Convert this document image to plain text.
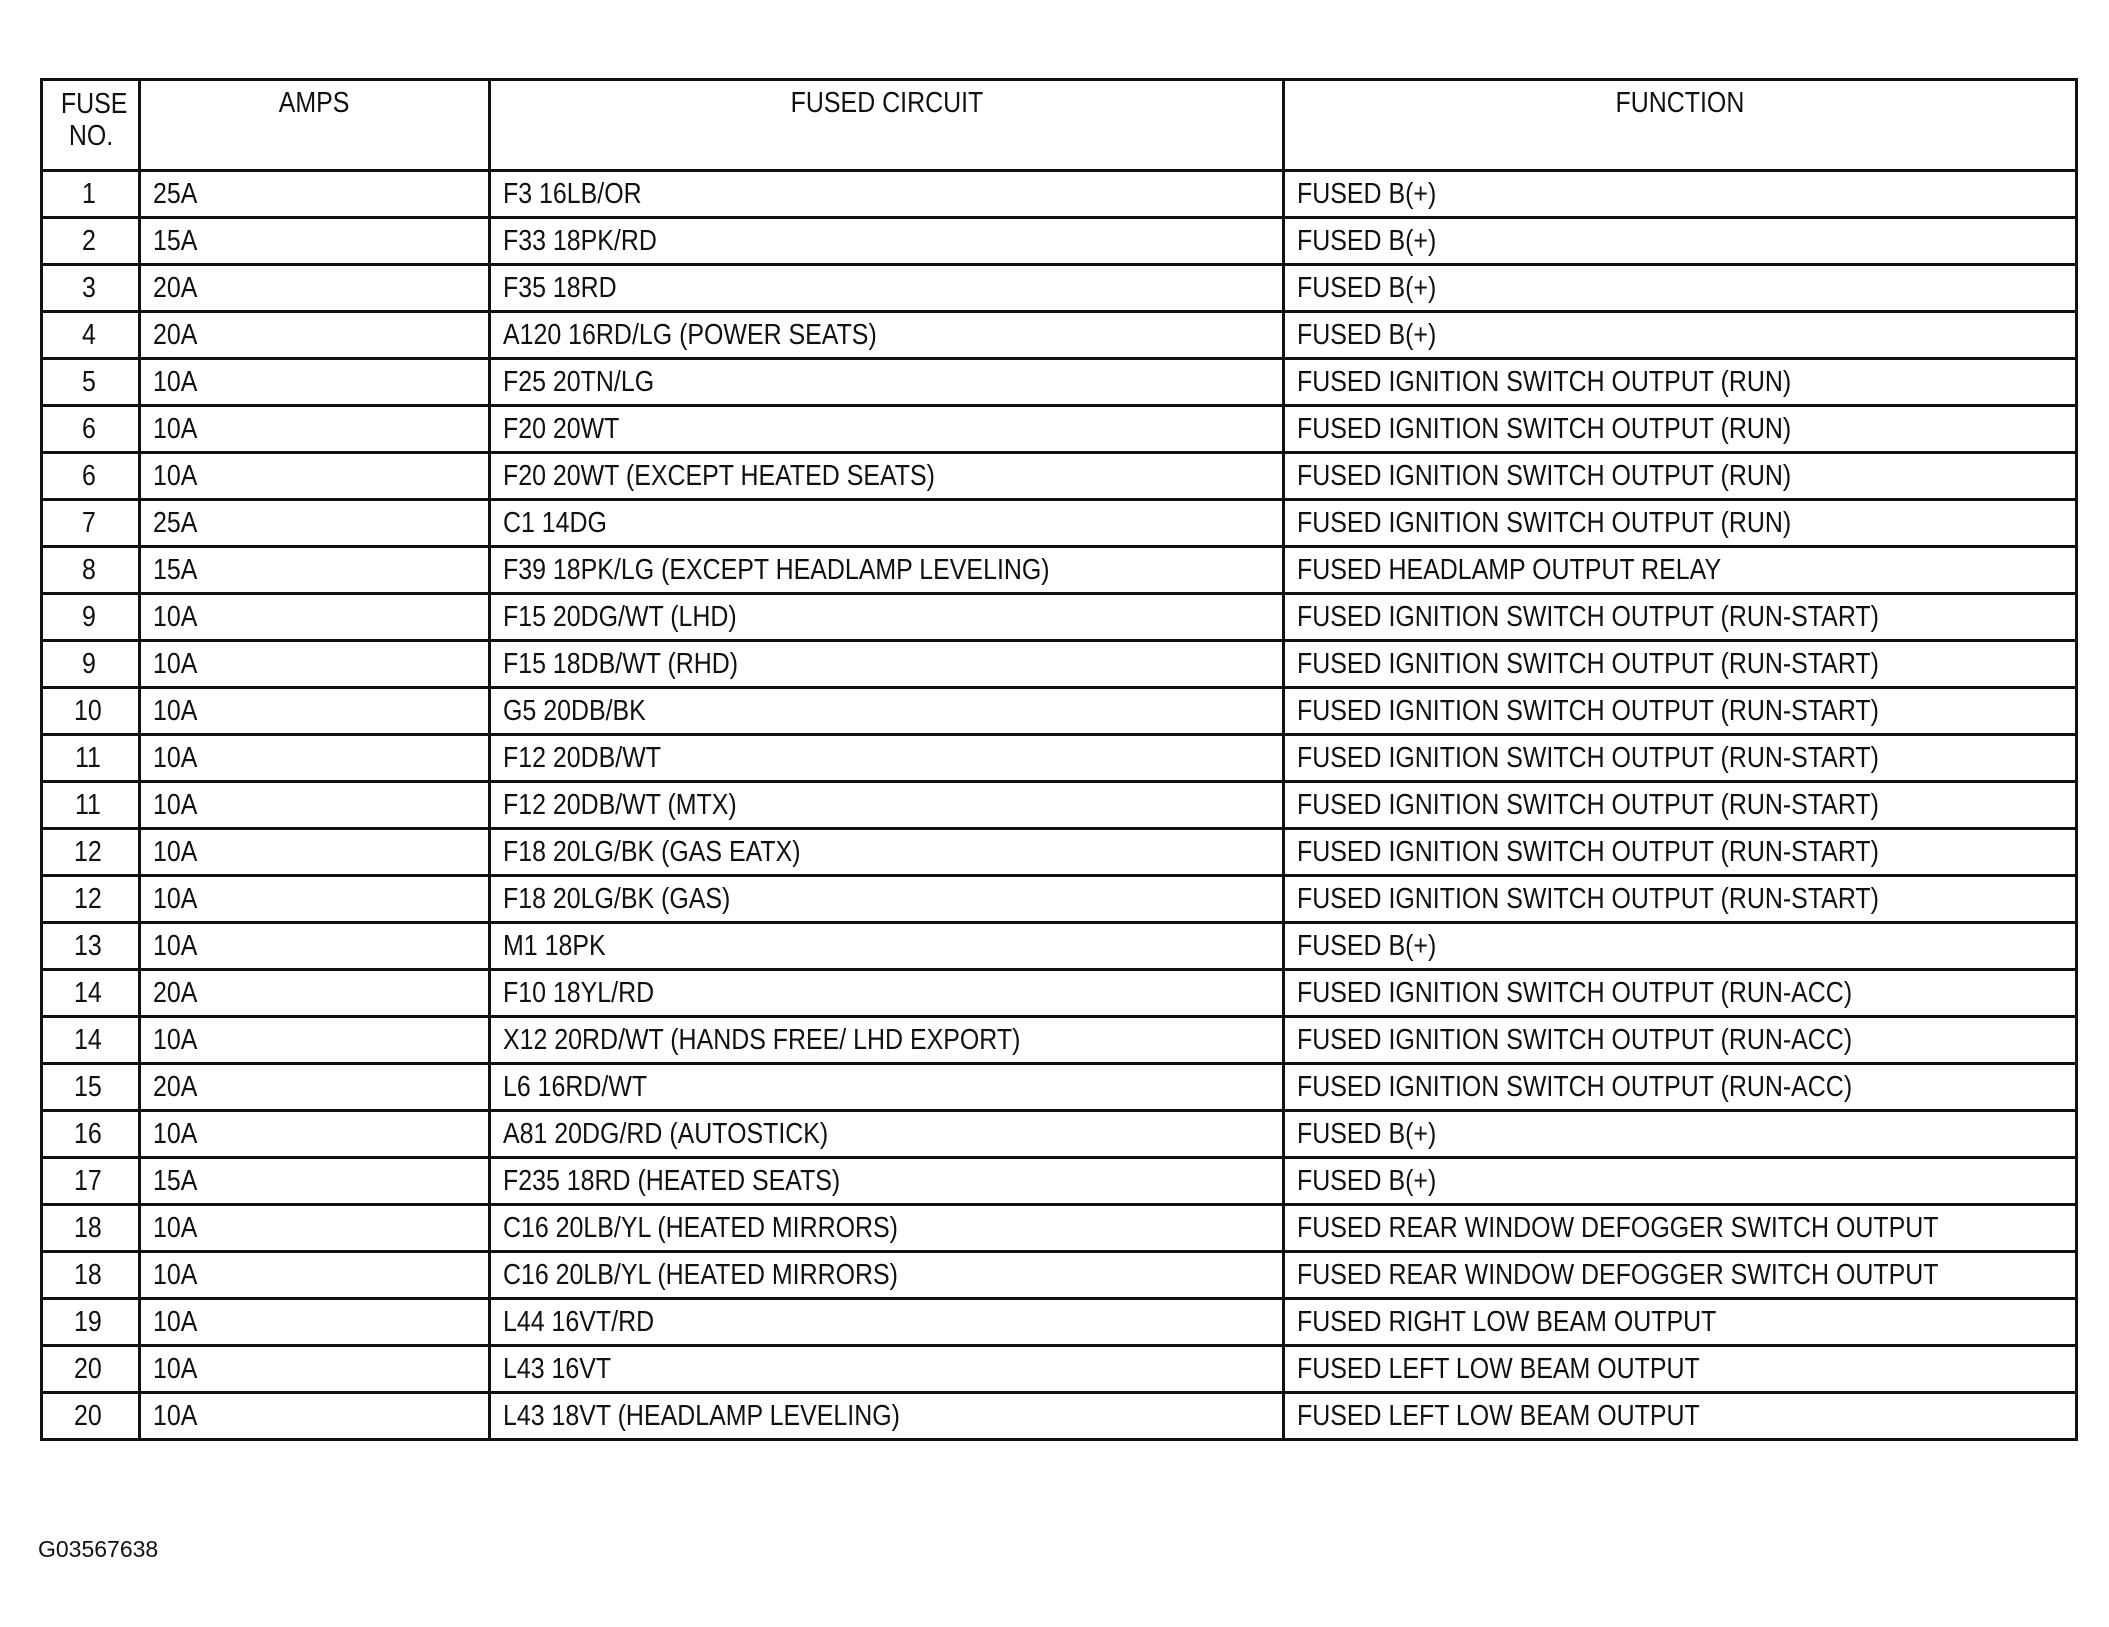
FUSE NO.	AMPS	FUSED CIRCUIT	FUNCTION
1	25A	F3 16LB/OR	FUSED B(+)
2	15A	F33 18PK/RD	FUSED B(+)
3	20A	F35 18RD	FUSED B(+)
4	20A	A120 16RD/LG (POWER SEATS)	FUSED B(+)
5	10A	F25 20TN/LG	FUSED IGNITION SWITCH OUTPUT (RUN)
6	10A	F20 20WT	FUSED IGNITION SWITCH OUTPUT (RUN)
6	10A	F20 20WT (EXCEPT HEATED SEATS)	FUSED IGNITION SWITCH OUTPUT (RUN)
7	25A	C1 14DG	FUSED IGNITION SWITCH OUTPUT (RUN)
8	15A	F39 18PK/LG (EXCEPT HEADLAMP LEVELING)	FUSED HEADLAMP OUTPUT RELAY
9	10A	F15 20DG/WT (LHD)	FUSED IGNITION SWITCH OUTPUT (RUN-START)
9	10A	F15 18DB/WT (RHD)	FUSED IGNITION SWITCH OUTPUT (RUN-START)
10	10A	G5 20DB/BK	FUSED IGNITION SWITCH OUTPUT (RUN-START)
11	10A	F12 20DB/WT	FUSED IGNITION SWITCH OUTPUT (RUN-START)
11	10A	F12 20DB/WT (MTX)	FUSED IGNITION SWITCH OUTPUT (RUN-START)
12	10A	F18 20LG/BK (GAS EATX)	FUSED IGNITION SWITCH OUTPUT (RUN-START)
12	10A	F18 20LG/BK (GAS)	FUSED IGNITION SWITCH OUTPUT (RUN-START)
13	10A	M1 18PK	FUSED B(+)
14	20A	F10 18YL/RD	FUSED IGNITION SWITCH OUTPUT (RUN-ACC)
14	10A	X12 20RD/WT (HANDS FREE/ LHD EXPORT)	FUSED IGNITION SWITCH OUTPUT (RUN-ACC)
15	20A	L6 16RD/WT	FUSED IGNITION SWITCH OUTPUT (RUN-ACC)
16	10A	A81 20DG/RD (AUTOSTICK)	FUSED B(+)
17	15A	F235 18RD (HEATED SEATS)	FUSED B(+)
18	10A	C16 20LB/YL (HEATED MIRRORS)	FUSED REAR WINDOW DEFOGGER SWITCH OUTPUT
18	10A	C16 20LB/YL (HEATED MIRRORS)	FUSED REAR WINDOW DEFOGGER SWITCH OUTPUT
19	10A	L44 16VT/RD	FUSED RIGHT LOW BEAM OUTPUT
20	10A	L43 16VT	FUSED LEFT LOW BEAM OUTPUT
20	10A	L43 18VT (HEADLAMP LEVELING)	FUSED LEFT LOW BEAM OUTPUT
G03567638
